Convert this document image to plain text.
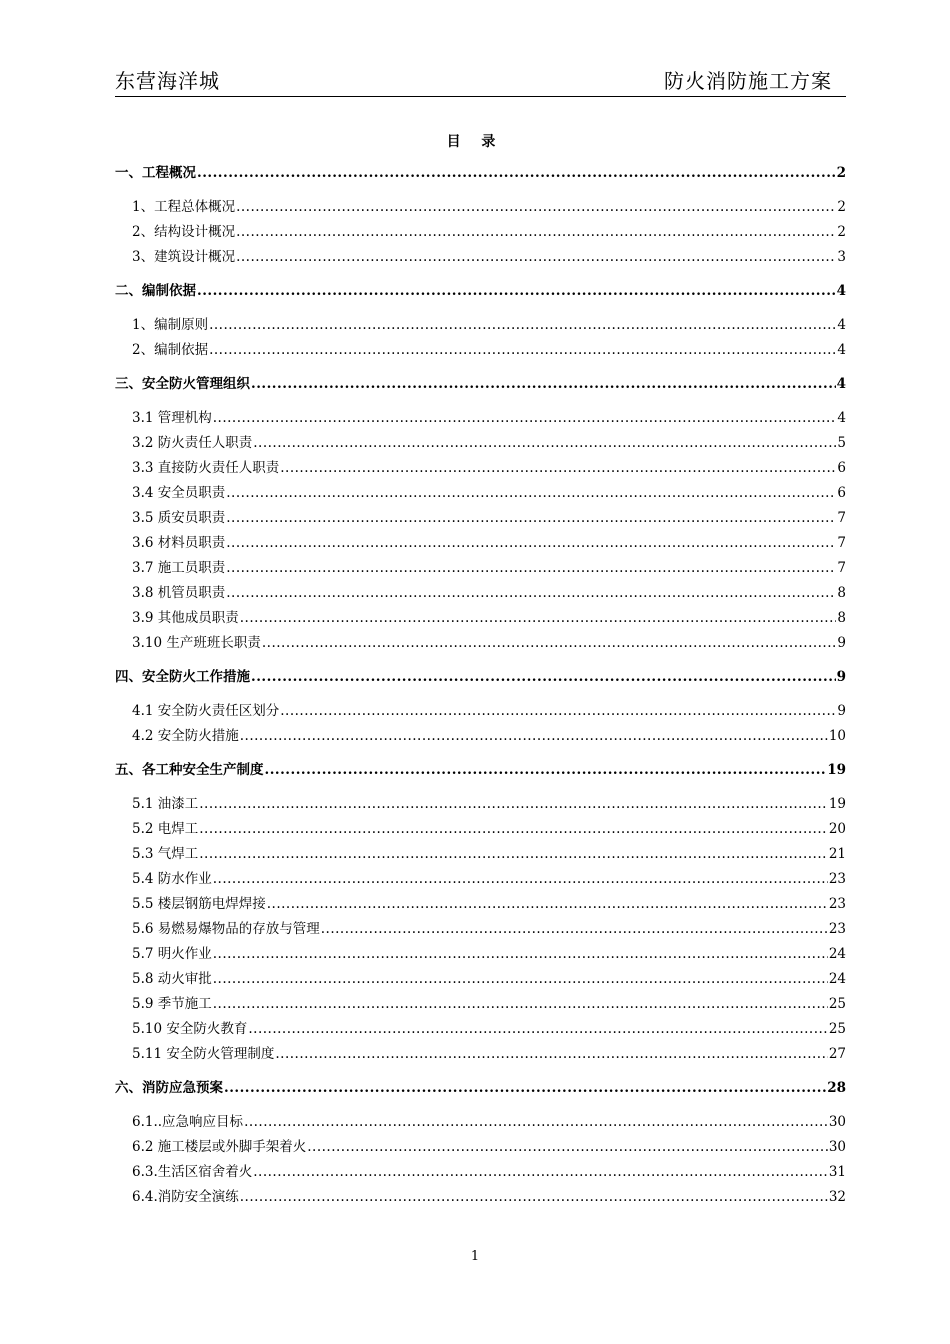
东营海洋城	防火消防施工方案
目 录
一、工程概况 .....	2
1、工程总体概况 .....	2
2、结构设计概况 .....	2
3、建筑设计概况 .....	3
二、编制依据 .....	4
1、编制原则 .....	4
2、编制依据 .....	4
三、安全防火管理组织 .....	4
3.1 管理机构 .....	4
3.2 防火责任人职责 .....	5
3.3 直接防火责任人职责 .....	6
3.4 安全员职责 .....	6
3.5 质安员职责 .....	7
3.6 材料员职责 .....	7
3.7 施工员职责 .....	7
3.8 机管员职责 .....	8
3.9 其他成员职责 .....	8
3.10 生产班班长职责 .....	9
四、安全防火工作措施 .....	9
4.1 安全防火责任区划分 .....	9
4.2 安全防火措施 .....	10
五、各工种安全生产制度 .....	19
5.1 油漆工 .....	19
5.2 电焊工 .....	20
5.3 气焊工 .....	21
5.4 防水作业 .....	23
5.5 楼层钢筋电焊焊接 .....	23
5.6 易燃易爆物品的存放与管理 .....	23
5.7 明火作业 .....	24
5.8 动火审批 .....	24
5.9 季节施工 .....	25
5.10 安全防火教育 .....	25
5.11 安全防火管理制度 .....	27
六、消防应急预案 .....	28
6.1..应急响应目标 .....	30
6.2 施工楼层或外脚手架着火 .....	30
6.3.生活区宿舍着火 .....	31
6.4.消防安全演练 .....	32
1
